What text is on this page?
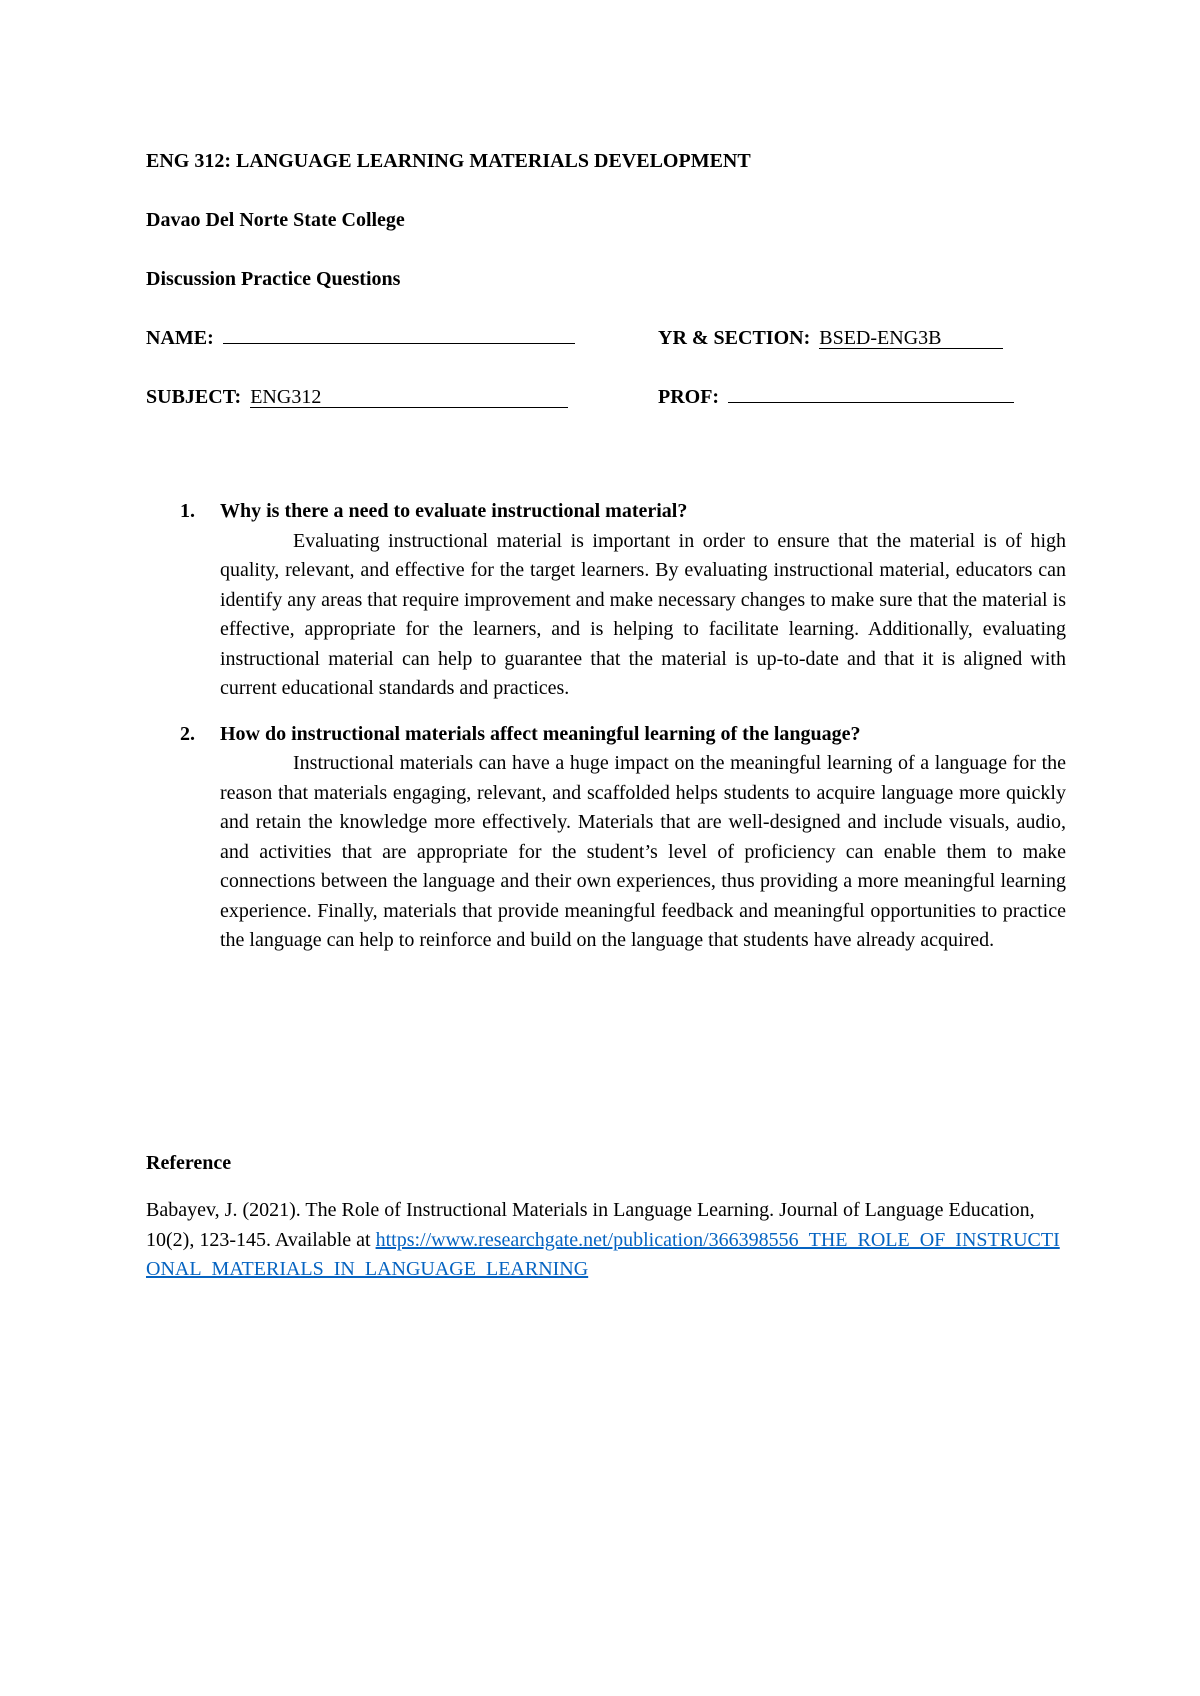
ENG 312: LANGUAGE LEARNING MATERIALS DEVELOPMENT
Davao Del Norte State College
Discussion Practice Questions
NAME:	YR & SECTION: BSED-ENG3B
SUBJECT: ENG312	PROF:
1. Why is there a need to evaluate instructional material?

Evaluating instructional material is important in order to ensure that the material is of high quality, relevant, and effective for the target learners. By evaluating instructional material, educators can identify any areas that require improvement and make necessary changes to make sure that the material is effective, appropriate for the learners, and is helping to facilitate learning. Additionally, evaluating instructional material can help to guarantee that the material is up-to-date and that it is aligned with current educational standards and practices.

2. How do instructional materials affect meaningful learning of the language?

Instructional materials can have a huge impact on the meaningful learning of a language for the reason that materials engaging, relevant, and scaffolded helps students to acquire language more quickly and retain the knowledge more effectively. Materials that are well-designed and include visuals, audio, and activities that are appropriate for the student’s level of proficiency can enable them to make connections between the language and their own experiences, thus providing a more meaningful learning experience. Finally, materials that provide meaningful feedback and meaningful opportunities to practice the language can help to reinforce and build on the language that students have already acquired.

Reference
Babayev, J. (2021). The Role of Instructional Materials in Language Learning. Journal of Language Education, 10(2), 123-145. Available at https://www.researchgate.net/publication/366398556_THE_ROLE_OF_INSTRUCTIONAL_MATERIALS_IN_LANGUAGE_LEARNING
